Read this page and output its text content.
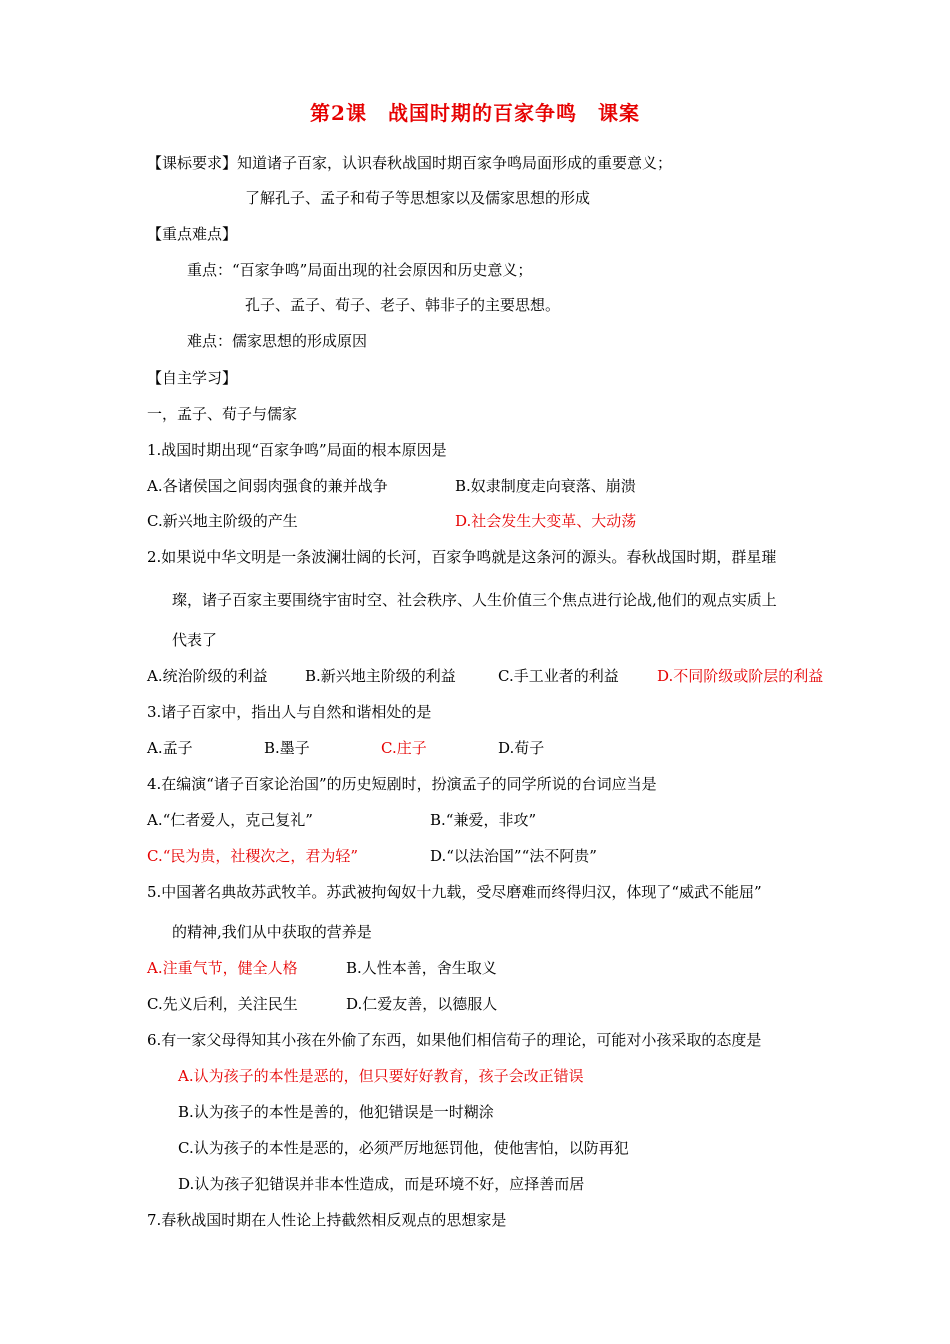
第2课　战国时期的百家争鸣　课案
【课标要求】知道诸子百家，认识春秋战国时期百家争鸣局面形成的重要意义；
了解孔子、孟子和荀子等思想家以及儒家思想的形成
【重点难点】
重点：“百家争鸣”局面出现的社会原因和历史意义；
孔子、孟子、荀子、老子、韩非子的主要思想。
难点：儒家思想的形成原因
【自主学习】
一，孟子、荀子与儒家
1.战国时期出现“百家争鸣”局面的根本原因是
A.各诸侯国之间弱肉强食的兼并战争	B.奴隶制度走向衰落、崩溃
C.新兴地主阶级的产生	D.社会发生大变革、大动荡
2.如果说中华文明是一条波澜壮阔的长河，百家争鸣就是这条河的源头。春秋战国时期，群星璀
璨，诸子百家主要围绕宇宙时空、社会秩序、人生价值三个焦点进行论战,他们的观点实质上
代表了
A.统治阶级的利益 B.新兴地主阶级的利益	C.手工业者的利益	D.不同阶级或阶层的利益
3.诸子百家中，指出人与自然和谐相处的是
A.孟子	B.墨子	C.庄子	D.荀子
4.在编演“诸子百家论治国”的历史短剧时，扮演孟子的同学所说的台词应当是
A.“仁者爱人，克己复礼”	B.“兼爱，非攻”
C.“民为贵，社稷次之，君为轻”	D.“以法治国”“法不阿贵”
5.中国著名典故苏武牧羊。苏武被拘匈奴十九载，受尽磨难而终得归汉，体现了“威武不能屈”
的精神,我们从中获取的营养是
A.注重气节，健全人格	B.人性本善，舍生取义
C.先义后利，关注民生	D.仁爱友善，以德服人
6.有一家父母得知其小孩在外偷了东西，如果他们相信荀子的理论，可能对小孩采取的态度是
A.认为孩子的本性是恶的，但只要好好教育，孩子会改正错误
B.认为孩子的本性是善的，他犯错误是一时糊涂
C.认为孩子的本性是恶的，必须严厉地惩罚他，使他害怕，以防再犯
D.认为孩子犯错误并非本性造成，而是环境不好，应择善而居
7.春秋战国时期在人性论上持截然相反观点的思想家是
